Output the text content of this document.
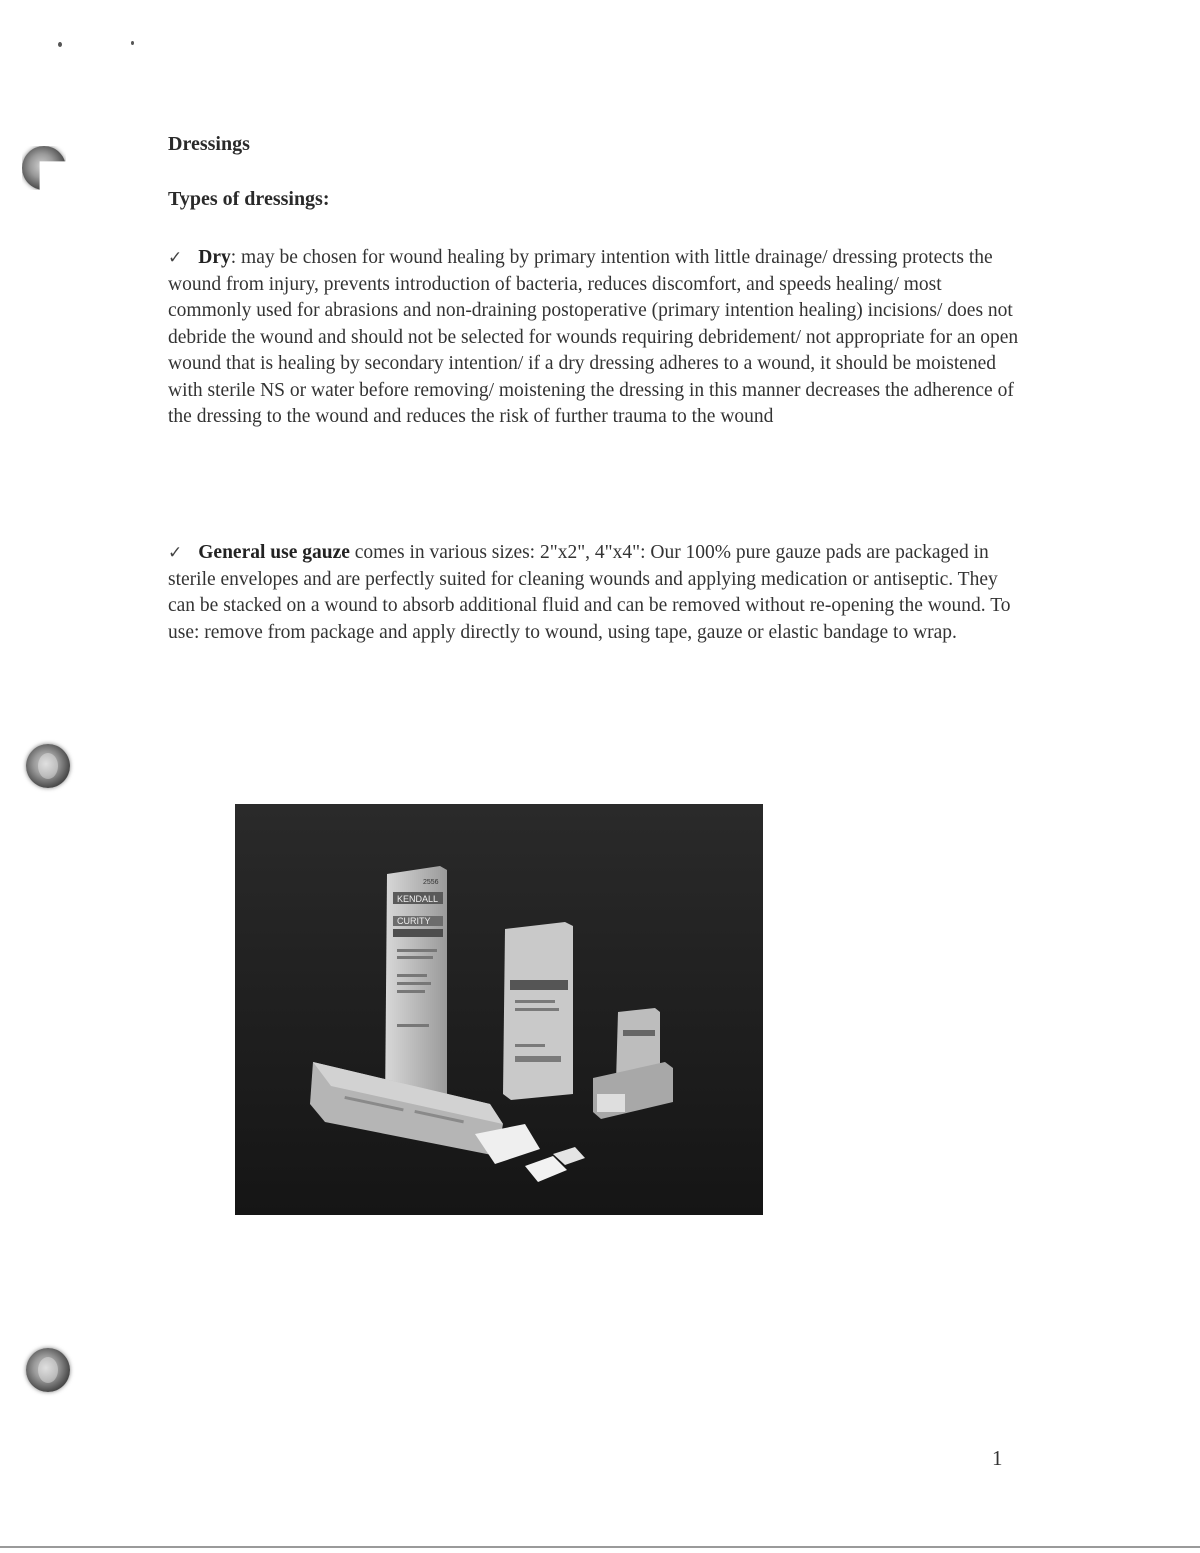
Dressings
Types of dressings:

✓ Dry: may be chosen for wound healing by primary intention with little drainage/ dressing protects the wound from injury, prevents introduction of bacteria, reduces discomfort, and speeds healing/ most commonly used for abrasions and non-draining postoperative (primary intention healing) incisions/ does not debride the wound and should not be selected for wounds requiring debridement/ not appropriate for an open wound that is healing by secondary intention/ if a dry dressing adheres to a wound, it should be moistened with sterile NS or water before removing/ moistening the dressing in this manner decreases the adherence of the dressing to the wound and reduces the risk of further trauma to the wound

✓ General use gauze comes in various sizes: 2"x2", 4"x4": Our 100% pure gauze pads are packaged in sterile envelopes and are perfectly suited for cleaning wounds and applying medication or antiseptic. They can be stacked on a wound to absorb additional fluid and can be removed without re-opening the wound. To use: remove from package and apply directly to wound, using tape, gauze or elastic bandage to wrap.

KENDALL
CURITY
2556

1
